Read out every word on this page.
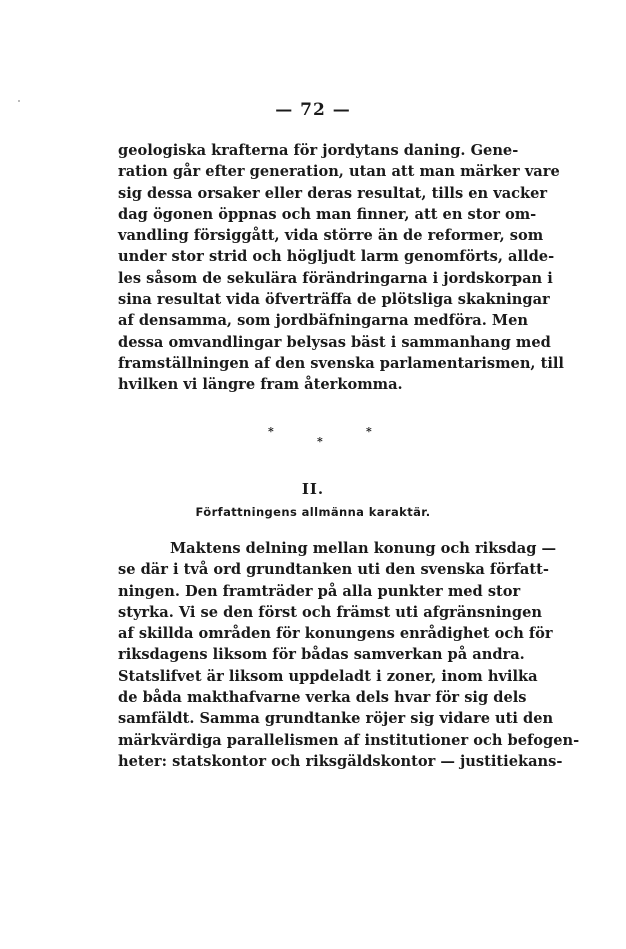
— 72 —
geologiska krafterna för jordytans daning. Gene-
ration går efter generation, utan att man märker vare
sig dessa orsaker eller deras resultat, tills en vacker
dag ögonen öppnas och man finner, att en stor om-
vandling försiggått, vida större än de reformer, som
under stor strid och högljudt larm genomförts, allde-
les såsom de sekulära förändringarna i jordskorpan i
sina resultat vida öfverträffa de plötsliga skakningar
af densamma, som jordbäfningarna medföra. Men
dessa omvandlingar belysas bäst i sammanhang med
framställningen af den svenska parlamentarismen, till
hvilken vi längre fram återkomma.
*
*
*
II.
Författningens allmänna karaktär.
Maktens delning mellan konung och riksdag —
se där i två ord grundtanken uti den svenska författ-
ningen. Den framträder på alla punkter med stor
styrka. Vi se den först och främst uti afgränsningen
af skillda områden för konungens enrådighet och för
riksdagens liksom för bådas samverkan på andra.
Statslifvet är liksom uppdeladt i zoner, inom hvilka
de båda makthafvarne verka dels hvar för sig dels
samfäldt. Samma grundtanke röjer sig vidare uti den
märkvärdiga parallelismen af institutioner och befogen-
heter: statskontor och riksgäldskontor — justitiekans-
